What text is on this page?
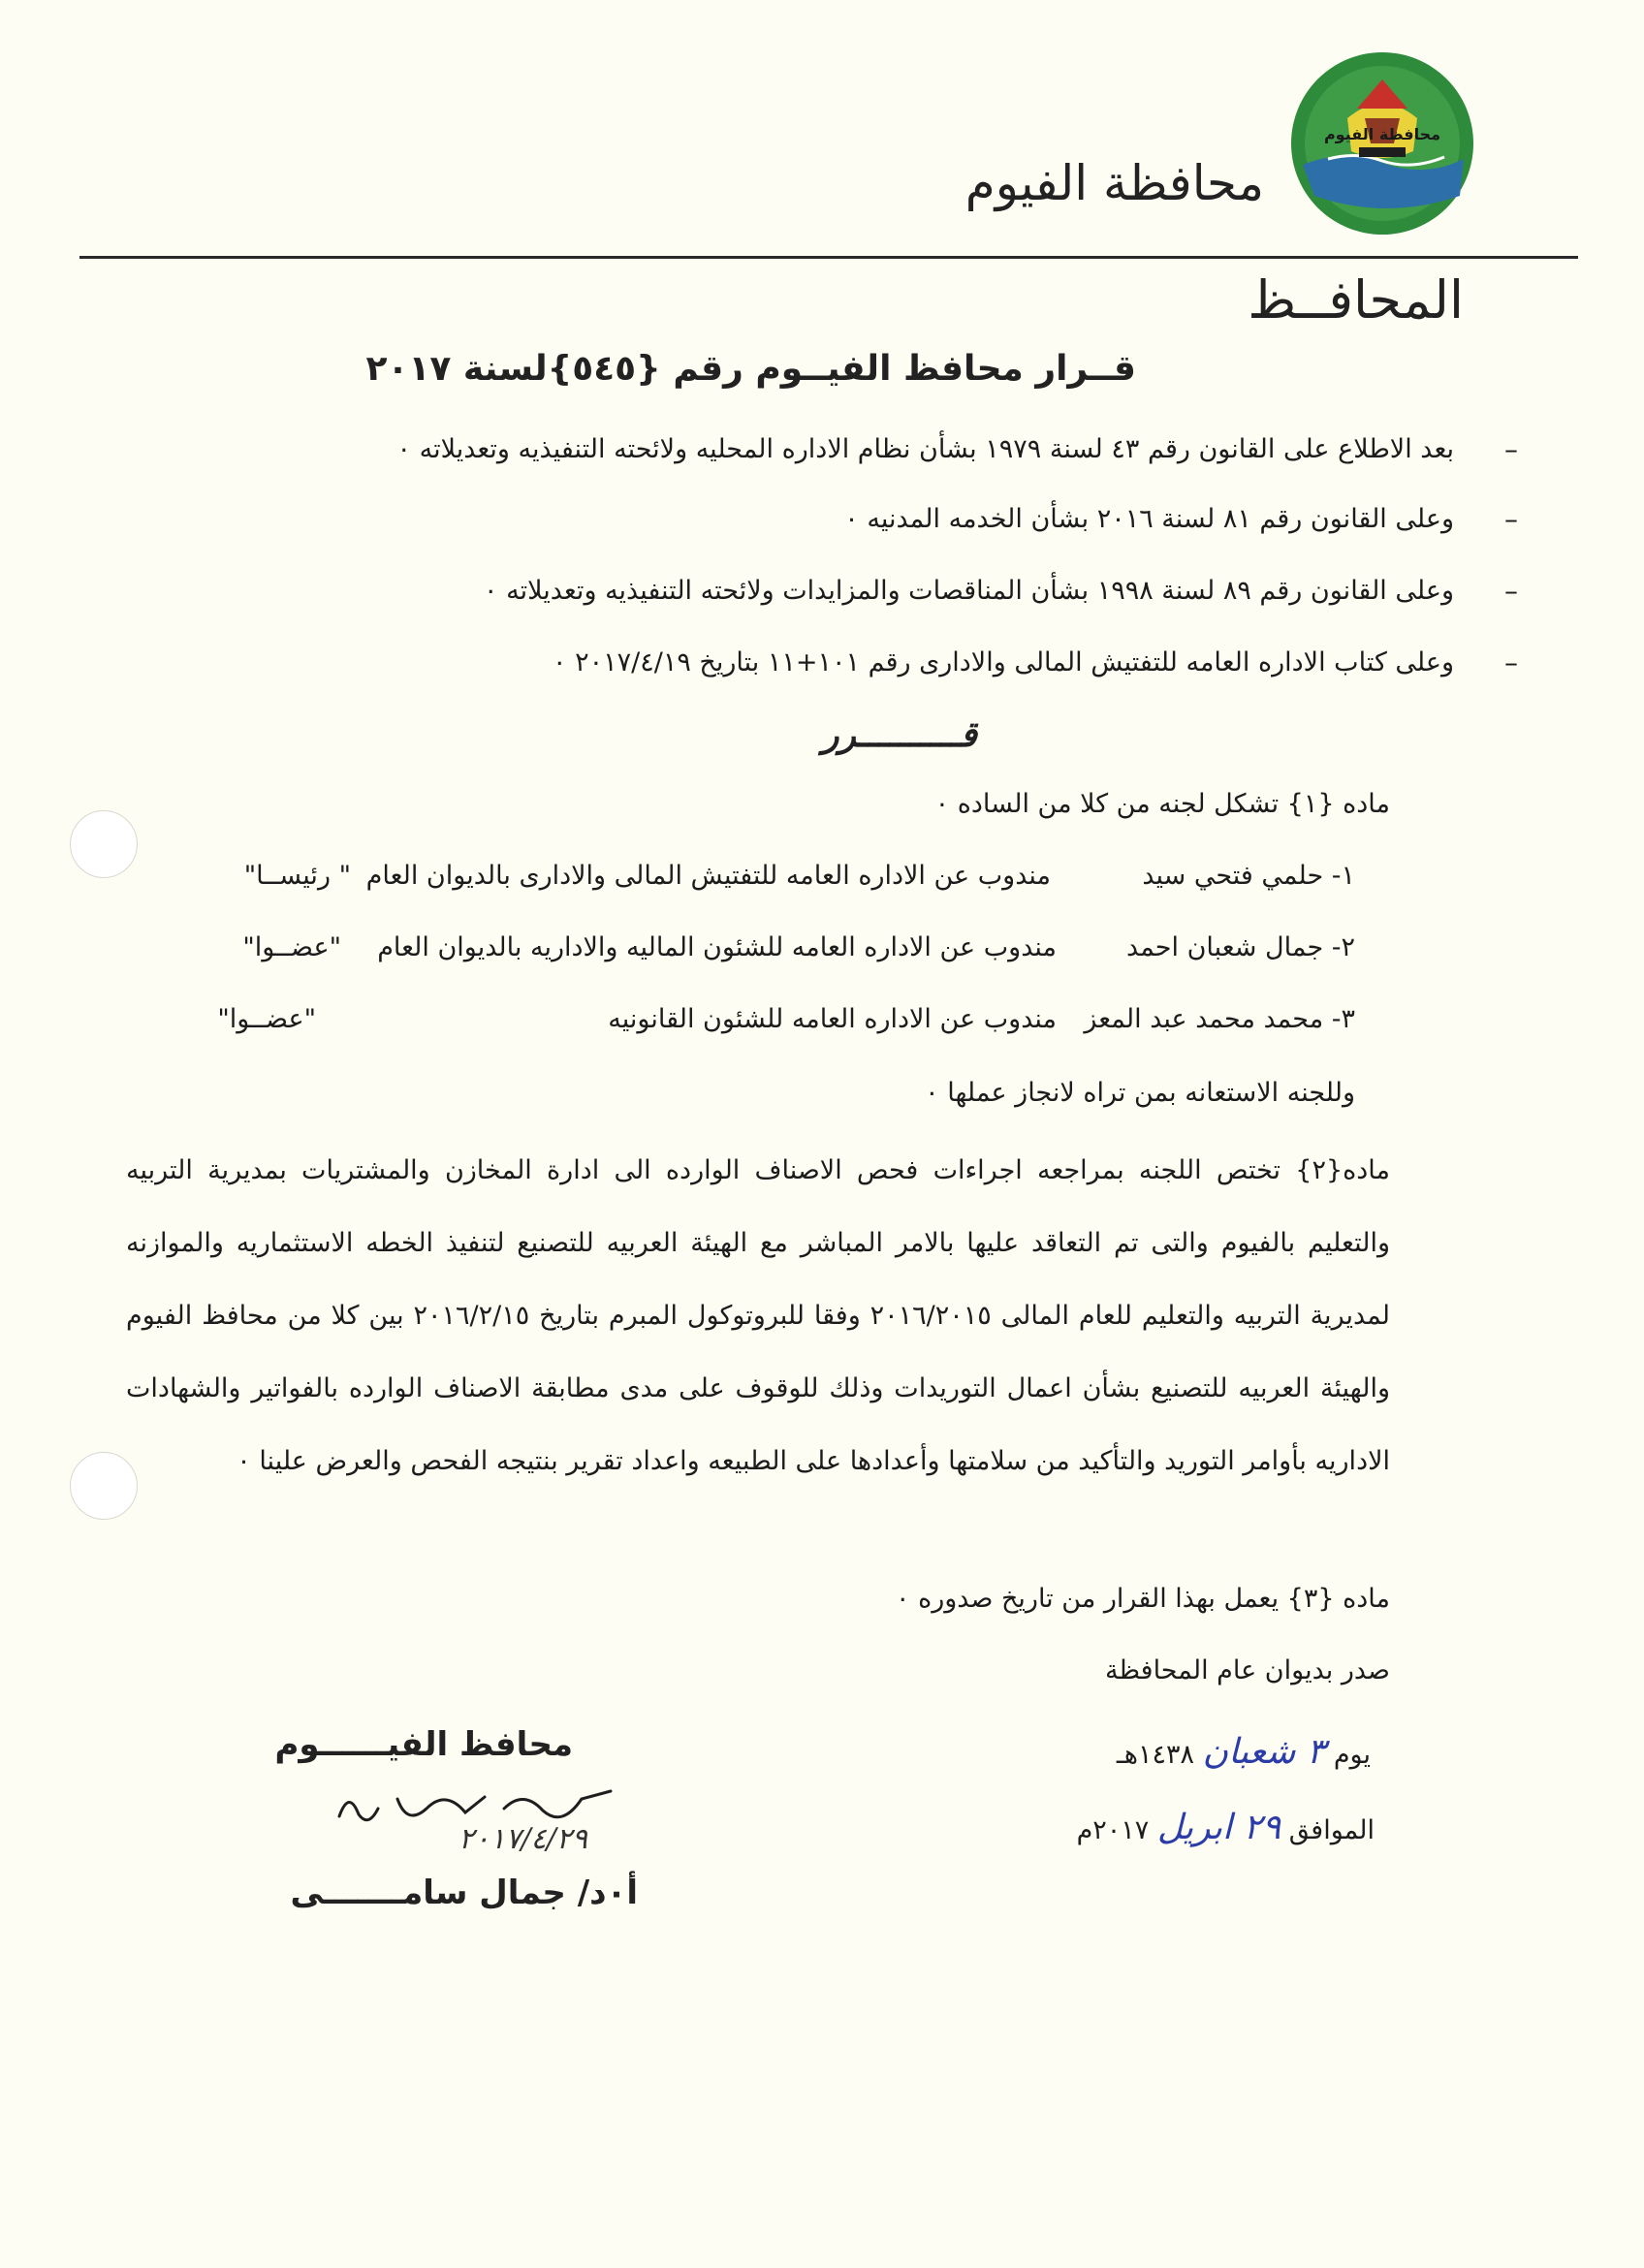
محافظة الفيوم
محافظة الفيوم
المحافــظ
قــرار محافظ الفيــوم رقم {٥٤٥}لسنة ٢٠١٧
–
بعد الاطلاع على القانون رقم ٤٣ لسنة ١٩٧٩ بشأن نظام الاداره المحليه ولائحته التنفيذيه وتعديلاته ٠
–
وعلى القانون رقم ٨١ لسنة ٢٠١٦ بشأن الخدمه المدنيه ٠
–
وعلى القانون رقم ٨٩ لسنة ١٩٩٨ بشأن المناقصات والمزايدات ولائحته التنفيذيه وتعديلاته ٠
–
وعلى كتاب الاداره العامه للتفتيش المالى والادارى رقم ١٠١+١١ بتاريخ ٢٠١٧/٤/١٩ ٠
قــــــــــرر
ماده {١} تشكل لجنه من كلا من الساده ٠
١- حلمي فتحي سيد
مندوب عن الاداره العامه للتفتيش المالى والادارى بالديوان العام
" رئيســا"
٢- جمال شعبان احمد
مندوب عن الاداره العامه للشئون الماليه والاداريه بالديوان العام
"عضــوا"
٣- محمد محمد عبد المعز
مندوب عن الاداره العامه للشئون القانونيه
"عضــوا"
وللجنه الاستعانه بمن تراه لانجاز عملها ٠
ماده{٢} تختص اللجنه بمراجعه اجراءات فحص الاصناف الوارده الى ادارة المخازن والمشتريات بمديرية التربيه والتعليم بالفيوم والتى تم التعاقد عليها بالامر المباشر مع الهيئة العربيه للتصنيع لتنفيذ الخطه الاستثماريه والموازنه لمديرية التربيه والتعليم للعام المالى ٢٠١٦/٢٠١٥ وفقا للبروتوكول المبرم بتاريخ ٢٠١٦/٢/١٥ بين كلا من محافظ الفيوم والهيئة العربيه للتصنيع بشأن اعمال التوريدات وذلك للوقوف على مدى مطابقة الاصناف الوارده بالفواتير والشهادات الاداريه بأوامر التوريد والتأكيد من سلامتها وأعدادها على الطبيعه واعداد تقرير بنتيجه الفحص والعرض علينا ٠
ماده {٣} يعمل بهذا القرار من تاريخ صدوره ٠
صدر بديوان عام المحافظة
يوم ٣ شعبان ١٤٣٨هـ
الموافق ٢٩ ابريل ٢٠١٧م
محافظ الفيــــــوم
٢٠١٧/٤/٢٩
أ٠د/ جمال سامـــــــى
